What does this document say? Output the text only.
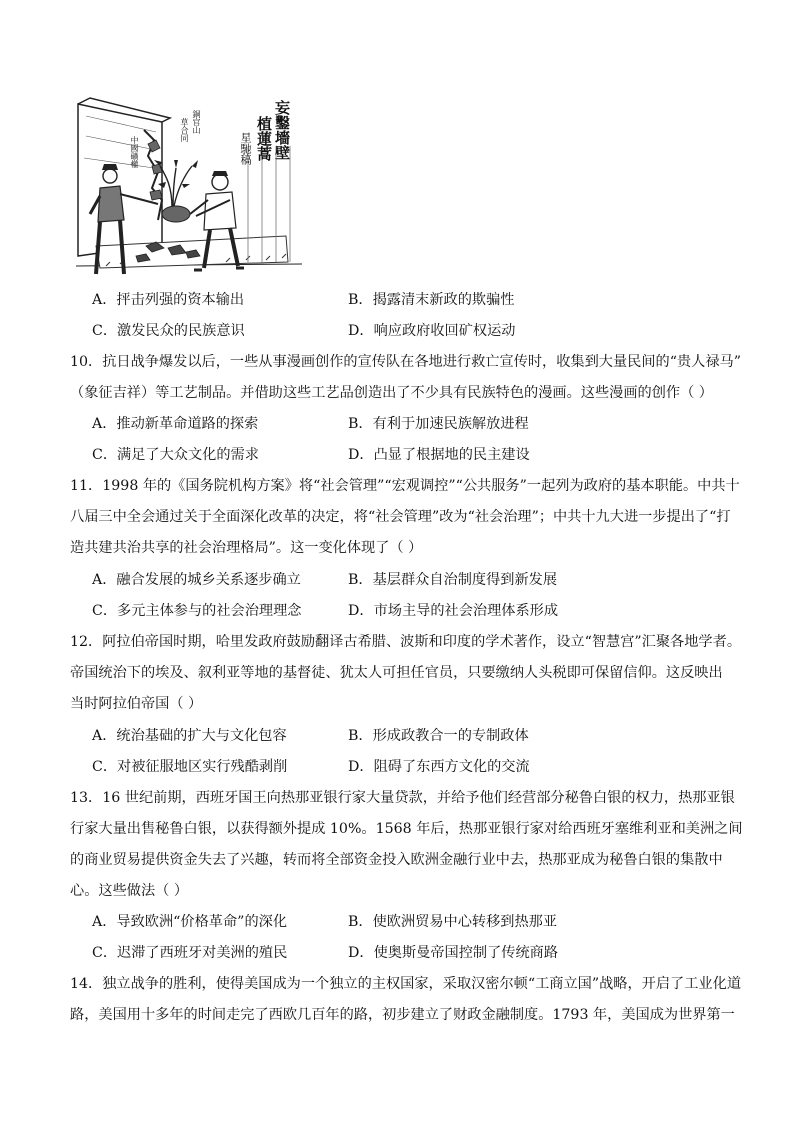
妄鑿墻壁
植蓮蒿
星馳稿
銅官山
草合同
中國礦權
A．抨击列强的资本输出	B．揭露清末新政的欺骗性
C．激发民众的民族意识	D．响应政府收回矿权运动
10．抗日战争爆发以后，一些从事漫画创作的宣传队在各地进行救亡宣传时，收集到大量民间的“贵人禄马”
（象征吉祥）等工艺制品。并借助这些工艺品创造出了不少具有民族特色的漫画。这些漫画的创作（ ）
A．推动新革命道路的探索	B．有利于加速民族解放进程
C．满足了大众文化的需求	D．凸显了根据地的民主建设
11．1998 年的《国务院机构方案》将“社会管理”“宏观调控”“公共服务”一起列为政府的基本职能。中共十
八届三中全会通过关于全面深化改革的决定，将“社会管理”改为“社会治理”；中共十九大进一步提出了“打
造共建共治共享的社会治理格局”。这一变化体现了（ ）
A．融合发展的城乡关系逐步确立	B．基层群众自治制度得到新发展
C．多元主体参与的社会治理理念	D．市场主导的社会治理体系形成
12．阿拉伯帝国时期，哈里发政府鼓励翻译古希腊、波斯和印度的学术著作，设立“智慧宫”汇聚各地学者。
帝国统治下的埃及、叙利亚等地的基督徒、犹太人可担任官员，只要缴纳人头税即可保留信仰。这反映出
当时阿拉伯帝国（ ）
A．统治基础的扩大与文化包容	B．形成政教合一的专制政体
C．对被征服地区实行残酷剥削	D．阻碍了东西方文化的交流
13．16 世纪前期，西班牙国王向热那亚银行家大量贷款，并给予他们经营部分秘鲁白银的权力，热那亚银
行家大量出售秘鲁白银，以获得额外提成 10%。1568 年后，热那亚银行家对给西班牙塞维利亚和美洲之间
的商业贸易提供资金失去了兴趣，转而将全部资金投入欧洲金融行业中去，热那亚成为秘鲁白银的集散中
心。这些做法（ ）
A．导致欧洲“价格革命”的深化	B．使欧洲贸易中心转移到热那亚
C．迟滞了西班牙对美洲的殖民	D．使奥斯曼帝国控制了传统商路
14．独立战争的胜利，使得美国成为一个独立的主权国家，采取汉密尔顿“工商立国”战略，开启了工业化道
路，美国用十多年的时间走完了西欧几百年的路，初步建立了财政金融制度。1793 年，美国成为世界第一
